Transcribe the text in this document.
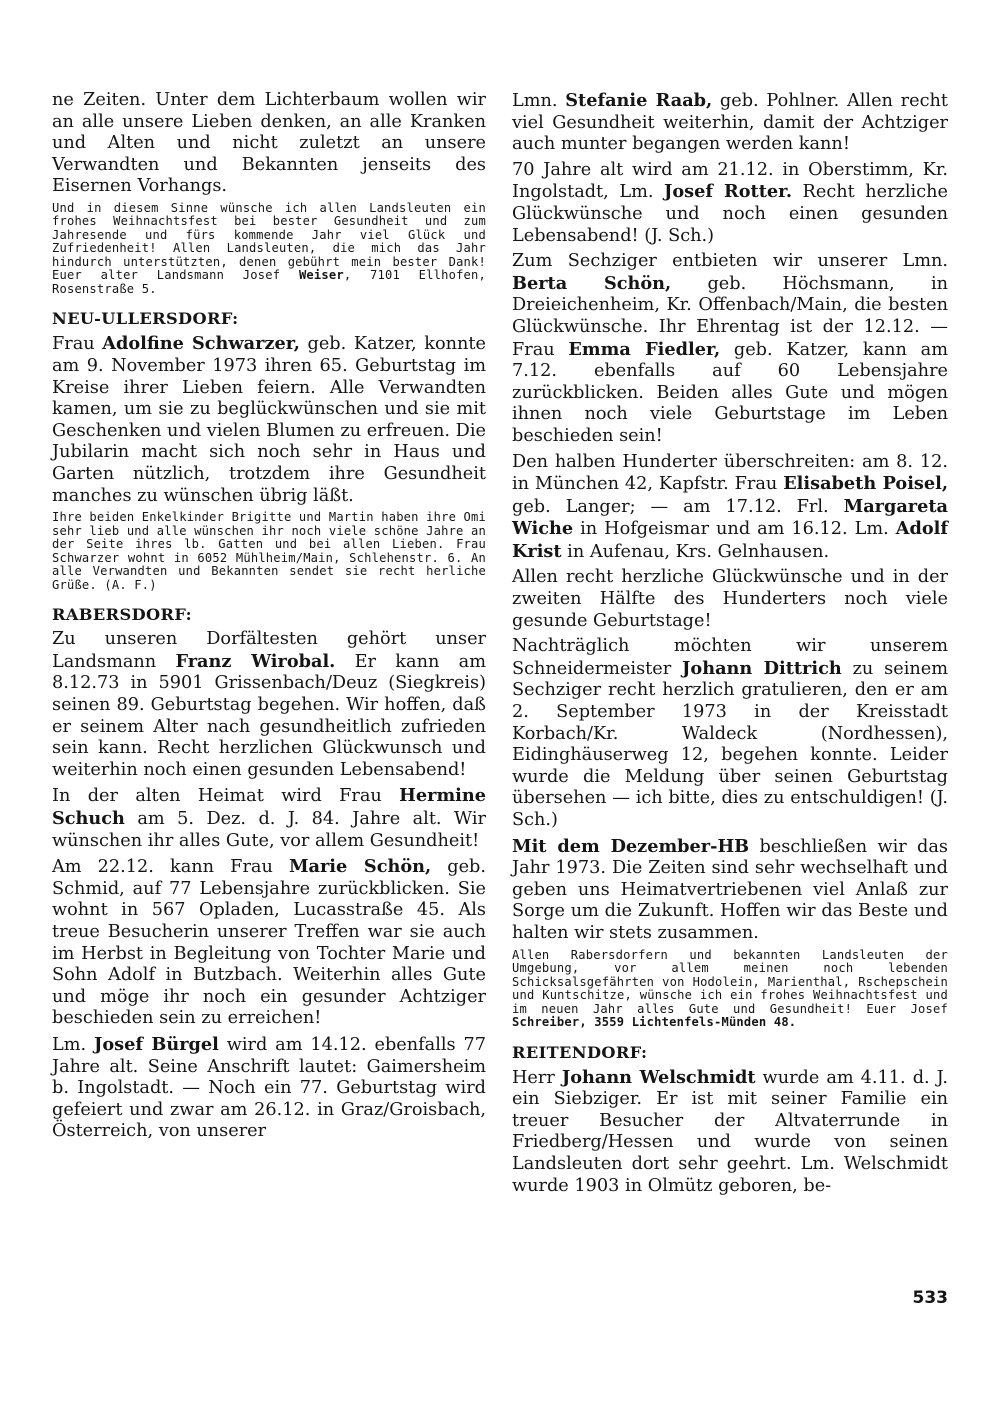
ne Zeiten. Unter dem Lichterbaum wollen wir an alle unsere Lieben denken, an alle Kranken und Alten und nicht zuletzt an unsere Verwandten und Bekannten jenseits des Eisernen Vorhangs.

Und in diesem Sinne wünsche ich allen Landsleuten ein frohes Weihnachtsfest bei bester Gesundheit und zum Jahresende und fürs kommende Jahr viel Glück und Zufriedenheit! Allen Landsleuten, die mich das Jahr hindurch unterstützten, denen gebührt mein bester Dank! Euer alter Landsmann Josef Weiser, 7101 Ellhofen, Rosenstraße 5.

NEU-ULLERSDORF:

Frau Adolfine Schwarzer, geb. Katzer, konnte am 9. November 1973 ihren 65. Geburtstag im Kreise ihrer Lieben feiern. Alle Verwandten kamen, um sie zu beglückwünschen und sie mit Geschenken und vielen Blumen zu erfreuen. Die Jubilarin macht sich noch sehr in Haus und Garten nützlich, trotzdem ihre Gesundheit manches zu wünschen übrig läßt.

Ihre beiden Enkelkinder Brigitte und Martin haben ihre Omi sehr lieb und alle wünschen ihr noch viele schöne Jahre an der Seite ihres lb. Gatten und bei allen Lieben. Frau Schwarzer wohnt in 6052 Mühlheim/Main, Schlehenstr. 6. An alle Verwandten und Bekannten sendet sie recht herliche Grüße. (A. F.)

RABERSDORF:

Zu unseren Dorfältesten gehört unser Landsmann Franz Wirobal. Er kann am 8.12.73 in 5901 Grissenbach/Deuz (Siegkreis) seinen 89. Geburtstag begehen. Wir hoffen, daß er seinem Alter nach gesundheitlich zufrieden sein kann. Recht herzlichen Glückwunsch und weiterhin noch einen gesunden Lebensabend!

In der alten Heimat wird Frau Hermine Schuch am 5. Dez. d. J. 84. Jahre alt. Wir wünschen ihr alles Gute, vor allem Gesundheit!

Am 22.12. kann Frau Marie Schön, geb. Schmid, auf 77 Lebensjahre zurückblicken. Sie wohnt in 567 Opladen, Lucasstraße 45. Als treue Besucherin unserer Treffen war sie auch im Herbst in Begleitung von Tochter Marie und Sohn Adolf in Butzbach. Weiterhin alles Gute und möge ihr noch ein gesunder Achtziger beschieden sein zu erreichen!

Lm. Josef Bürgel wird am 14.12. ebenfalls 77 Jahre alt. Seine Anschrift lautet: Gaimersheim b. Ingolstadt. — Noch ein 77. Geburtstag wird gefeiert und zwar am 26.12. in Graz/Groisbach, Österreich, von unserer

Lmn. Stefanie Raab, geb. Pohlner. Allen recht viel Gesundheit weiterhin, damit der Achtziger auch munter begangen werden kann!

70 Jahre alt wird am 21.12. in Oberstimm, Kr. Ingolstadt, Lm. Josef Rotter. Recht herzliche Glückwünsche und noch einen gesunden Lebensabend! (J. Sch.)

Zum Sechziger entbieten wir unserer Lmn. Berta Schön, geb. Höchsmann, in Dreieichenheim, Kr. Offenbach/Main, die besten Glückwünsche. Ihr Ehrentag ist der 12.12. — Frau Emma Fiedler, geb. Katzer, kann am 7.12. ebenfalls auf 60 Lebensjahre zurückblicken. Beiden alles Gute und mögen ihnen noch viele Geburtstage im Leben beschieden sein!

Den halben Hunderter überschreiten: am 8. 12. in München 42, Kapfstr. Frau Elisabeth Poisel, geb. Langer; — am 17.12. Frl. Margareta Wiche in Hofgeismar und am 16.12. Lm. Adolf Krist in Aufenau, Krs. Gelnhausen.

Allen recht herzliche Glückwünsche und in der zweiten Hälfte des Hunderters noch viele gesunde Geburtstage!

Nachträglich möchten wir unserem Schneidermeister Johann Dittrich zu seinem Sechziger recht herzlich gratulieren, den er am 2. September 1973 in der Kreisstadt Korbach/Kr. Waldeck (Nordhessen), Eidinghäuserweg 12, begehen konnte. Leider wurde die Meldung über seinen Geburtstag übersehen — ich bitte, dies zu entschuldigen! (J. Sch.)

Mit dem Dezember-HB beschließen wir das Jahr 1973. Die Zeiten sind sehr wechselhaft und geben uns Heimatvertriebenen viel Anlaß zur Sorge um die Zukunft. Hoffen wir das Beste und halten wir stets zusammen.

Allen Rabersdorfern und bekannten Landsleuten der Umgebung, vor allem meinen noch lebenden Schicksalsgefährten von Hodolein, Marienthal, Rschepschein und Kuntschitze, wünsche ich ein frohes Weihnachtsfest und im neuen Jahr alles Gute und Gesundheit! Euer Josef Schreiber, 3559 Lichtenfels-Münden 48.

REITENDORF:

Herr Johann Welschmidt wurde am 4.11. d. J. ein Siebziger. Er ist mit seiner Familie ein treuer Besucher der Altvaterrunde in Friedberg/Hessen und wurde von seinen Landsleuten dort sehr geehrt. Lm. Welschmidt wurde 1903 in Olmütz geboren, be-

533
